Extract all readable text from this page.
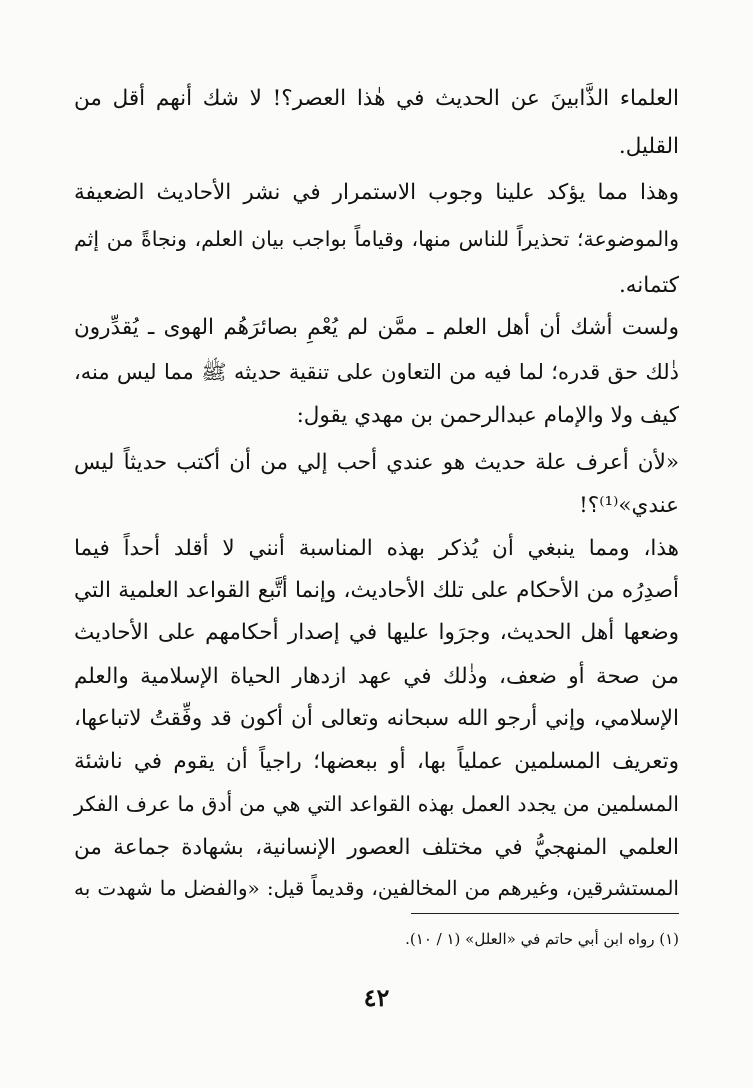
العلماء الذَّابينَ عن الحديث في هٰذا العصر؟! لا شك أنهم أقل من
القليل.
وهذا مما يؤكد علينا وجوب الاستمرار في نشر الأحاديث الضعيفة
والموضوعة؛ تحذيراً للناس منها، وقياماً بواجب بيان العلم، ونجاةً من إثم
كتمانه.
ولست أشك أن أهل العلم ـ ممَّن لم يُعْمِ بصائرَهُم الهوى ـ يُقدِّرون
ذٰلك حق قدره؛ لما فيه من التعاون على تنقية حديثه ﷺ مما ليس منه،
كيف ولا والإمام عبدالرحمن بن مهدي يقول:
«لأن أعرف علة حديث هو عندي أحب إلي من أن أكتب حديثاً ليس
عندي»⁽¹⁾؟!
هذا، ومما ينبغي أن يُذكر بهذه المناسبة أنني لا أقلد أحداً فيما
أصدِرُه من الأحكام على تلك الأحاديث، وإنما أتَّبع القواعد العلمية التي
وضعها أهل الحديث، وجرَوا عليها في إصدار أحكامهم على الأحاديث
من صحة أو ضعف، وذٰلك في عهد ازدهار الحياة الإسلامية والعلم
الإسلامي، وإني أرجو الله سبحانه وتعالى أن أكون قد وفِّقتُ لاتباعها،
وتعريف المسلمين عملياً بها، أو ببعضها؛ راجياً أن يقوم في ناشئة
المسلمين من يجدد العمل بهذه القواعد التي هي من أدق ما عرف الفكر
العلمي المنهجيُّ في مختلف العصور الإنسانية، بشهادة جماعة من
المستشرقين، وغيرهم من المخالفين، وقديماً قيل: «والفضل ما شهدت به
(١) رواه ابن أبي حاتم في «العلل» (١ / ١٠).
٤٢
